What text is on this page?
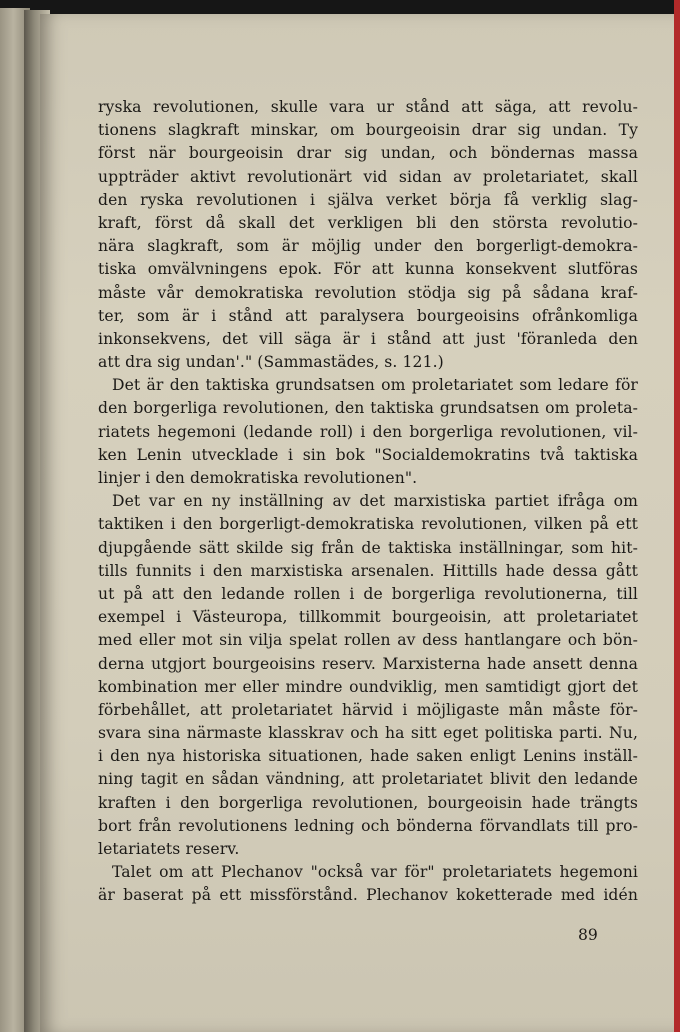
ryska revolutionen, skulle vara ur stånd att säga, att revolu-
tionens slagkraft minskar, om bourgeoisin drar sig undan. Ty
först när bourgeoisin drar sig undan, och böndernas massa
uppträder aktivt revolutionärt vid sidan av proletariatet, skall
den ryska revolutionen i själva verket börja få verklig slag-
kraft, först då skall det verkligen bli den största revolutio-
nära slagkraft, som är möjlig under den borgerligt-demokra-
tiska omvälvningens epok. För att kunna konsekvent slutföras
måste vår demokratiska revolution stödja sig på sådana kraf-
ter, som är i stånd att paralysera bourgeoisins ofrånkomliga
inkonsekvens, det vill säga är i stånd att just 'föranleda den
att dra sig undan'." (Sammastädes, s. 121.)
Det är den taktiska grundsatsen om proletariatet som ledare för
den borgerliga revolutionen, den taktiska grundsatsen om proleta-
riatets hegemoni (ledande roll) i den borgerliga revolutionen, vil-
ken Lenin utvecklade i sin bok "Socialdemokratins två taktiska
linjer i den demokratiska revolutionen".
Det var en ny inställning av det marxistiska partiet ifråga om
taktiken i den borgerligt-demokratiska revolutionen, vilken på ett
djupgående sätt skilde sig från de taktiska inställningar, som hit-
tills funnits i den marxistiska arsenalen. Hittills hade dessa gått
ut på att den ledande rollen i de borgerliga revolutionerna, till
exempel i Västeuropa, tillkommit bourgeoisin, att proletariatet
med eller mot sin vilja spelat rollen av dess hantlangare och bön-
derna utgjort bourgeoisins reserv. Marxisterna hade ansett denna
kombination mer eller mindre oundviklig, men samtidigt gjort det
förbehållet, att proletariatet härvid i möjligaste mån måste för-
svara sina närmaste klasskrav och ha sitt eget politiska parti. Nu,
i den nya historiska situationen, hade saken enligt Lenins inställ-
ning tagit en sådan vändning, att proletariatet blivit den ledande
kraften i den borgerliga revolutionen, bourgeoisin hade trängts
bort från revolutionens ledning och bönderna förvandlats till pro-
letariatets reserv.
Talet om att Plechanov "också var för" proletariatets hegemoni
är baserat på ett missförstånd. Plechanov koketterade med idén
89
